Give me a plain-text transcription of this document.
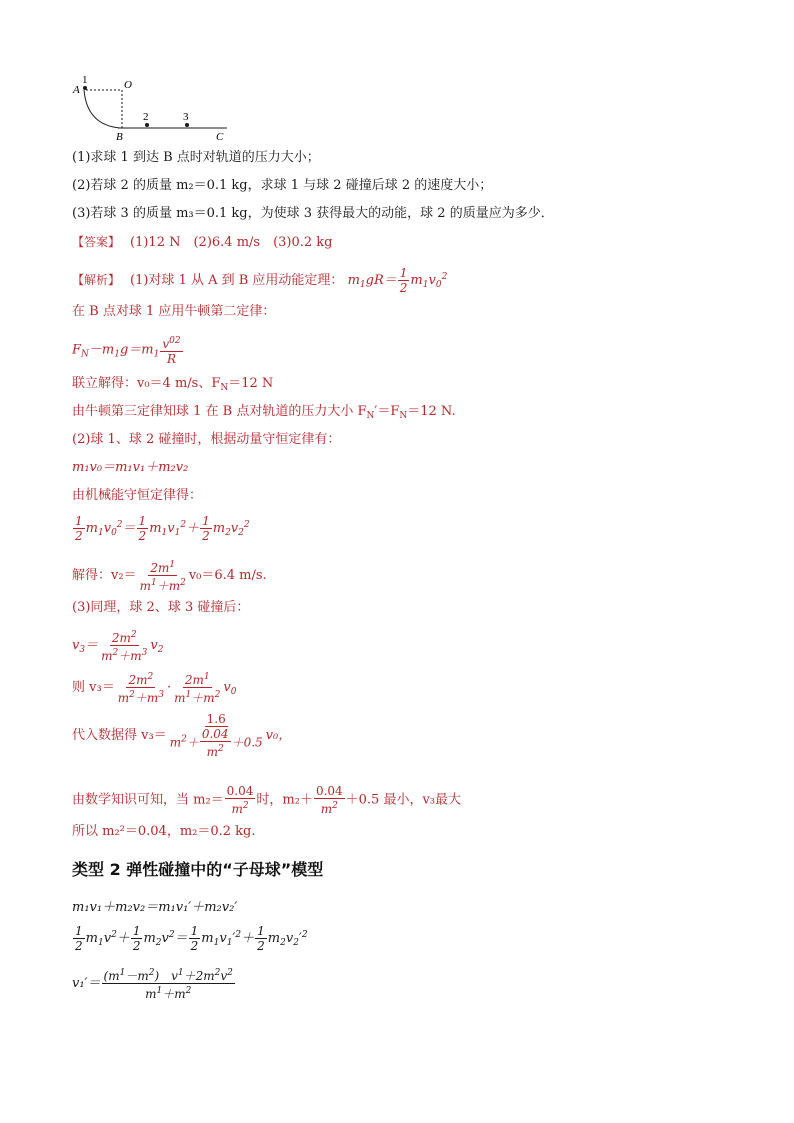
1
A	O
B
2	3
C
(1)求球 1 到达 B 点时对轨道的压力大小；
(2)若球 2 的质量 m₂＝0.1 kg，求球 1 与球 2 碰撞后球 2 的速度大小；
(3)若球 3 的质量 m₃＝0.1 kg，为使球 3 获得最大的动能，球 2 的质量应为多少．
【答案】 (1)12 N　(2)6.4 m/s　(3)0.2 kg
【解析】 (1)对球 1 从 A 到 B 应用动能定理： $m_1gR= \frac{1}{2} m_1v_0^2$
在 B 点对球 1 应用牛顿第二定律：
$F_N-m_1g=m_1 \frac{v^{02}}{R}$
联立解得：v₀＝4 m/s、$F_N=12$ N
由牛顿第三定律知球 1 在 B 点对轨道的压力大小 $F_N'=F_N=12$ N.
(2)球 1、球 2 碰撞时，根据动量守恒定律有：
m₁v₀＝m₁v₁＋m₂v₂
由机械能守恒定律得：
$\frac{1}{2} m_1v_0^2= \frac{1}{2} m_1v_1^2+ \frac{1}{2} m_2v_2^2$
解得：$v_2= \frac{2m^1}{m^1+m^2} v_0=6.4$ m/s.
(3)同理，球 2、球 3 碰撞后：
$v_3= \frac{2m^2}{m^2+m^3} v_2$
则 $v_3= \frac{2m^2}{m^2+m^3} \cdot \frac{2m^1}{m^1+m^2} v_0$
代入数据得 $v_3= \frac{1.6}{m^2+ \frac{0.04}{m^2} +0.5} v_0$，
由数学知识可知，当 $m_2= \frac{0.04}{m^2}$ 时，$m_2+ \frac{0.04}{m^2} +0.5$ 最小，v₃最大
所以 m₂²＝0.04，m₂＝0.2 kg.
类型 2 弹性碰撞中的“子母球”模型
m₁v₁＋m₂v₂＝m₁v₁′＋m₂v₂′
$\frac{1}{2} m_1v^2+ \frac{1}{2} m_2v^2= \frac{1}{2} m_1v_1'^2+ \frac{1}{2} m_2v_2'^2$
$v_1'= \frac{(m^1-m^2) v^1+2m^2v^2}{m^1+m^2}$
